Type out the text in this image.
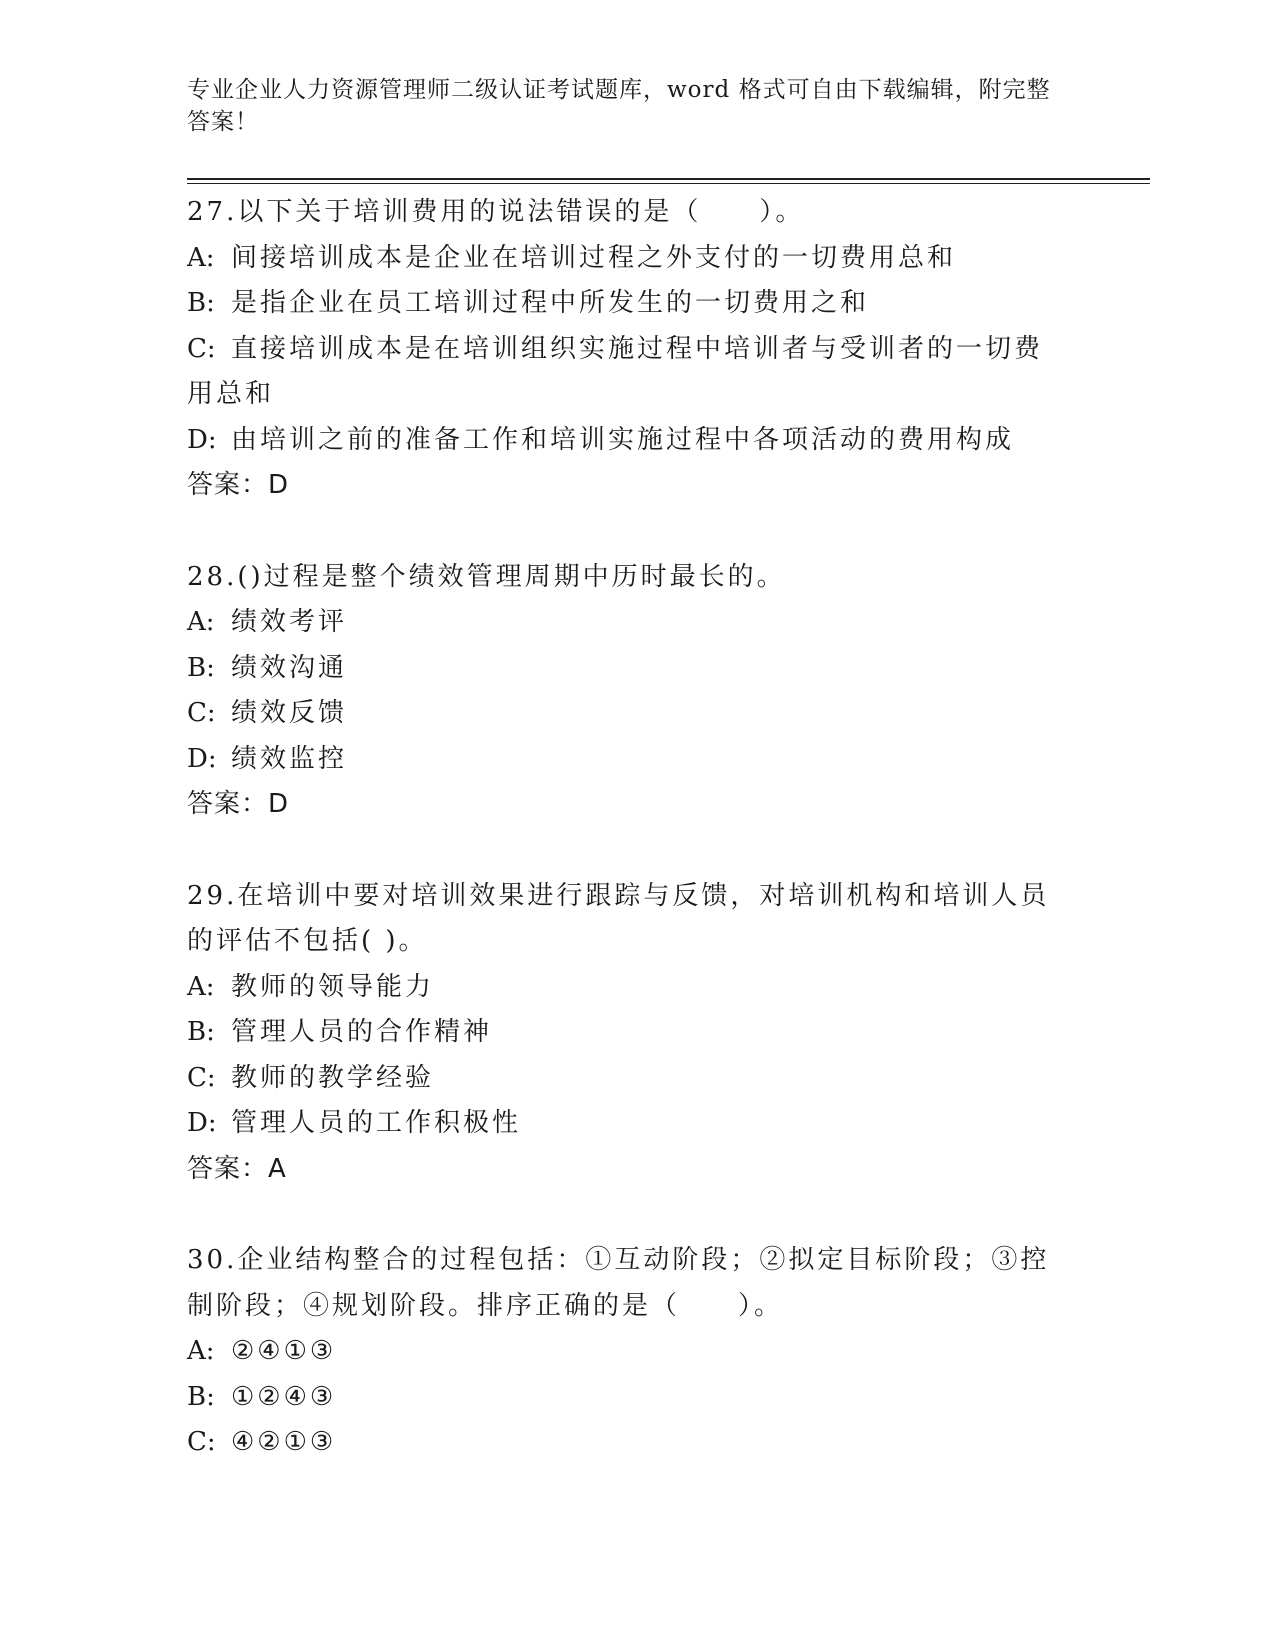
专业企业人力资源管理师二级认证考试题库，word 格式可自由下载编辑，附完整答案！

27.以下关于培训费用的说法错误的是（　　）。

A: 间接培训成本是企业在培训过程之外支付的一切费用总和

B: 是指企业在员工培训过程中所发生的一切费用之和

C: 直接培训成本是在培训组织实施过程中培训者与受训者的一切费用总和

D: 由培训之前的准备工作和培训实施过程中各项活动的费用构成

答案：D

28.()过程是整个绩效管理周期中历时最长的。

A: 绩效考评

B: 绩效沟通

C: 绩效反馈

D: 绩效监控

答案：D

29.在培训中要对培训效果进行跟踪与反馈，对培训机构和培训人员的评估不包括( )。

A: 教师的领导能力

B: 管理人员的合作精神

C: 教师的教学经验

D: 管理人员的工作积极性

答案：A

30.企业结构整合的过程包括：①互动阶段；②拟定目标阶段；③控制阶段；④规划阶段。排序正确的是（　　）。

A: ②④①③

B: ①②④③

C: ④②①③
